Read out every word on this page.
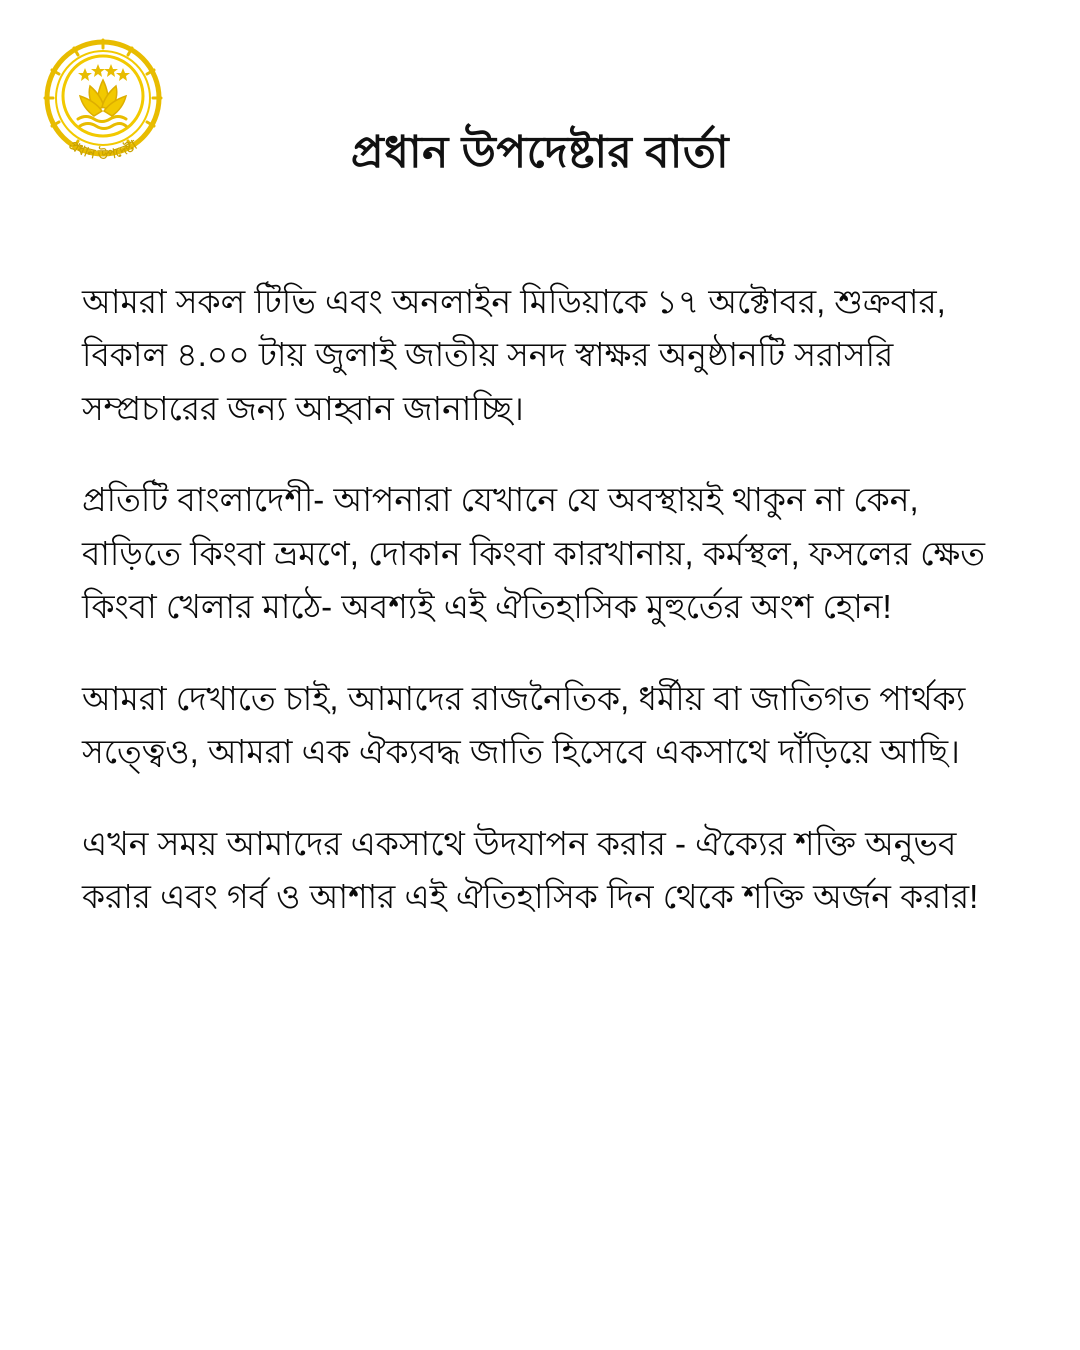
প্রধান উপদেষ্টা	প্রধান উপদেষ্টার বার্তা

আমরা সকল টিভি এবং অনলাইন মিডিয়াকে ১৭ অক্টোবর, শুক্রবার, বিকাল ৪.০০ টায় জুলাই জাতীয় সনদ স্বাক্ষর অনুষ্ঠানটি সরাসরি সম্প্রচারের জন্য আহ্বান জানাচ্ছি।

প্রতিটি বাংলাদেশী- আপনারা যেখানে যে অবস্থায়ই থাকুন না কেন, বাড়িতে কিংবা ভ্রমণে, দোকান কিংবা কারখানায়, কর্মস্থল, ফসলের ক্ষেত কিংবা খেলার মাঠে- অবশ্যই এই ঐতিহাসিক মুহুর্তের অংশ হোন!

আমরা দেখাতে চাই, আমাদের রাজনৈতিক, ধর্মীয় বা জাতিগত পার্থক্য সত্ত্বেও, আমরা এক ঐক্যবদ্ধ জাতি হিসেবে একসাথে দাঁড়িয়ে আছি।

এখন সময় আমাদের একসাথে উদযাপন করার - ঐক্যের শক্তি অনুভব করার এবং গর্ব ও আশার এই ঐতিহাসিক দিন থেকে শক্তি অর্জন করার!
